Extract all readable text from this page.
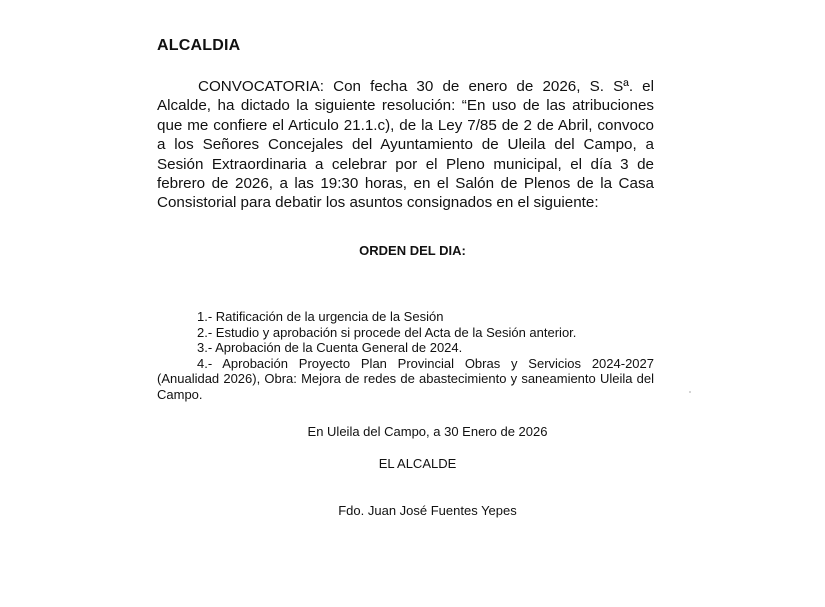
ALCALDIA

CONVOCATORIA: Con fecha 30 de enero de 2026, S. Sª. el Alcalde, ha dictado la siguiente resolución: “En uso de las atribuciones que me confiere el Articulo 21.1.c), de la Ley 7/85 de 2 de Abril, convoco a los Señores Concejales del Ayuntamiento de Uleila del Campo, a Sesión Extraordinaria a celebrar por el Pleno municipal, el día 3 de febrero de 2026, a las 19:30 horas, en el Salón de Plenos de la Casa Consistorial para debatir los asuntos consignados en el siguiente:

ORDEN DEL DIA:

1.- Ratificación de la urgencia de la Sesión

2.- Estudio y aprobación si procede del Acta de la Sesión anterior.

3.- Aprobación de la Cuenta General de 2024.

4.- Aprobación Proyecto Plan Provincial Obras y Servicios 2024-2027 (Anualidad 2026), Obra: Mejora de redes de abastecimiento y saneamiento Uleila del Campo.

En Uleila del Campo, a 30 Enero de 2026
EL ALCALDE
Fdo. Juan José Fuentes Yepes
